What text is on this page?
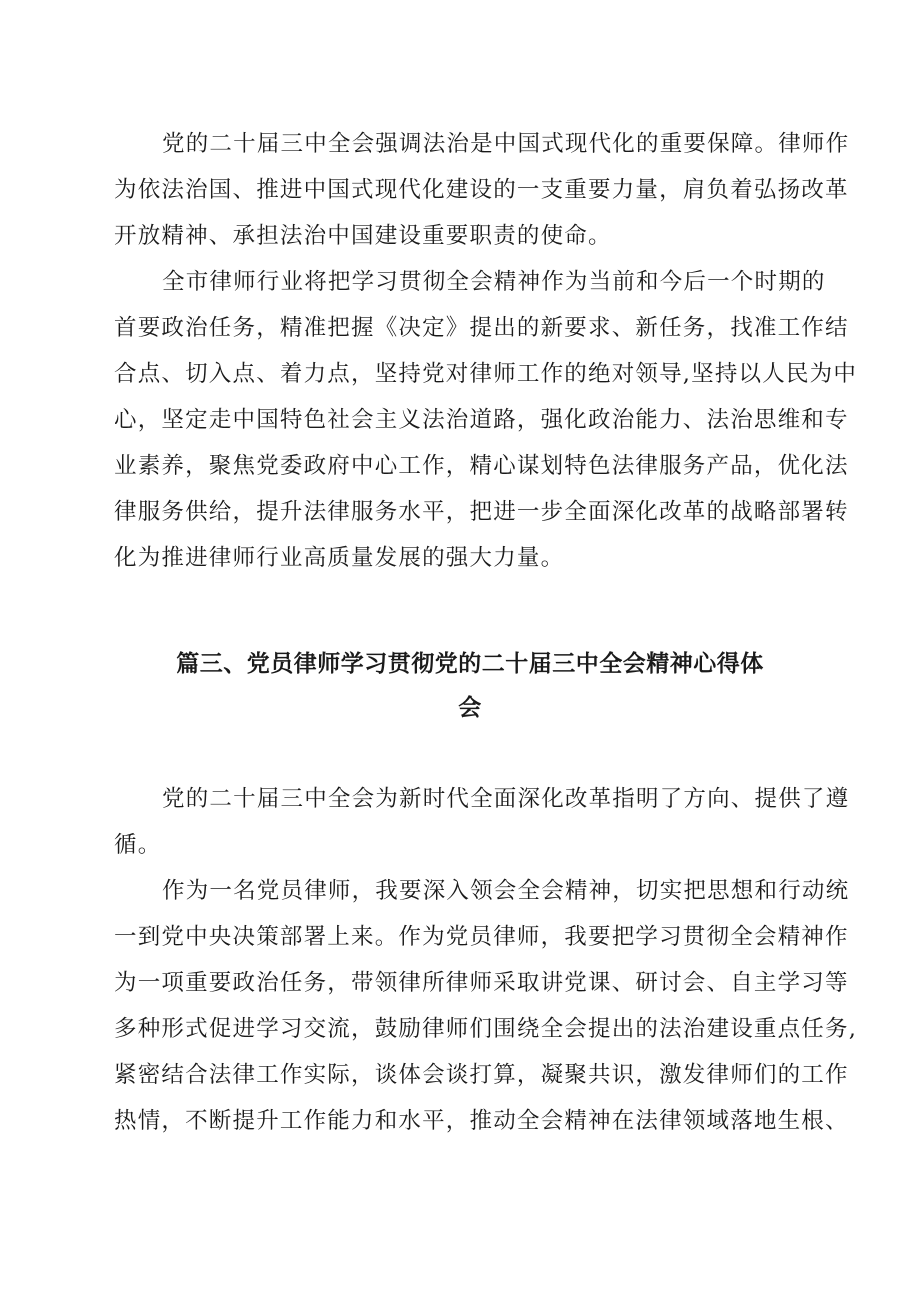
党的二十届三中全会强调法治是中国式现代化的重要保障。律师作
为依法治国、推进中国式现代化建设的一支重要力量，肩负着弘扬改革
开放精神、承担法治中国建设重要职责的使命。
全市律师行业将把学习贯彻全会精神作为当前和今后一个时期的
首要政治任务，精准把握《决定》提出的新要求、新任务，找准工作结
合点、切入点、着力点，坚持党对律师工作的绝对领导,坚持以人民为中
心，坚定走中国特色社会主义法治道路，强化政治能力、法治思维和专
业素养，聚焦党委政府中心工作，精心谋划特色法律服务产品，优化法
律服务供给，提升法律服务水平，把进一步全面深化改革的战略部署转
化为推进律师行业高质量发展的强大力量。
篇三、党员律师学习贯彻党的二十届三中全会精神心得体
会
党的二十届三中全会为新时代全面深化改革指明了方向、提供了遵
循。
作为一名党员律师，我要深入领会全会精神，切实把思想和行动统
一到党中央决策部署上来。作为党员律师，我要把学习贯彻全会精神作
为一项重要政治任务，带领律所律师采取讲党课、研讨会、自主学习等
多种形式促进学习交流，鼓励律师们围绕全会提出的法治建设重点任务,
紧密结合法律工作实际，谈体会谈打算，凝聚共识，激发律师们的工作
热情，不断提升工作能力和水平，推动全会精神在法律领域落地生根、
